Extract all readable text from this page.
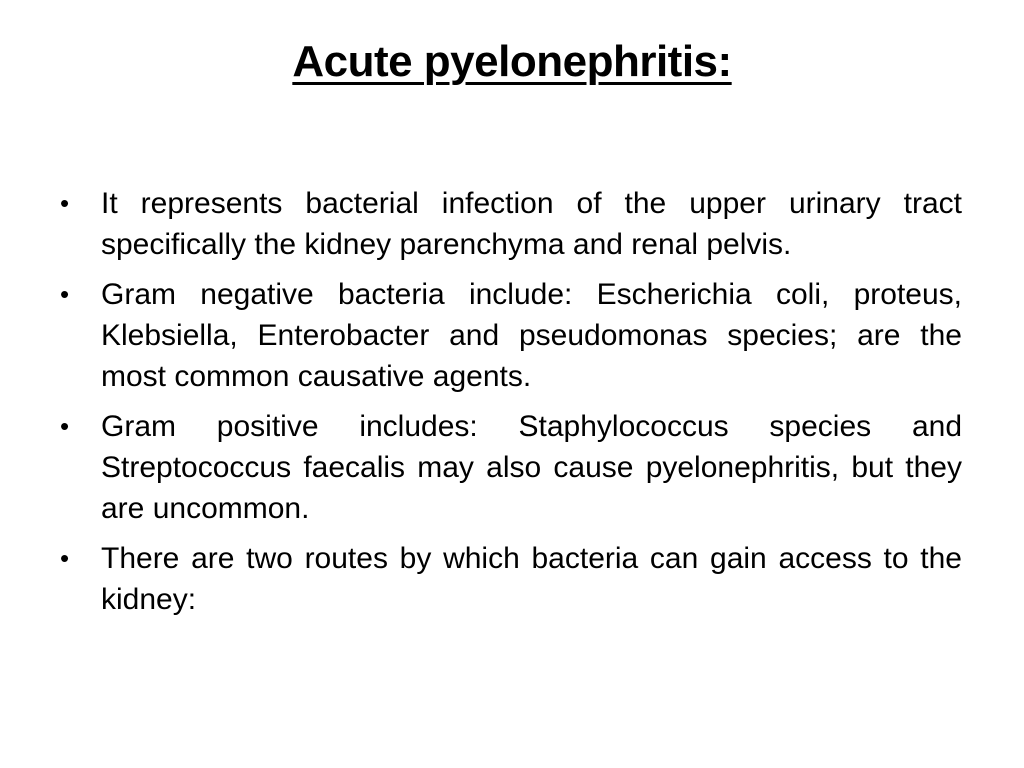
Acute pyelonephritis:
•	It represents bacterial infection of the upper urinary tract specifically the kidney parenchyma and renal pelvis.
•	Gram negative bacteria include: Escherichia coli, proteus, Klebsiella, Enterobacter and pseudomonas species; are the most common causative agents.
•	Gram positive includes: Staphylococcus species and Streptococcus faecalis may also cause pyelonephritis, but they are uncommon.
•	There are two routes by which bacteria can gain access to the kidney:
